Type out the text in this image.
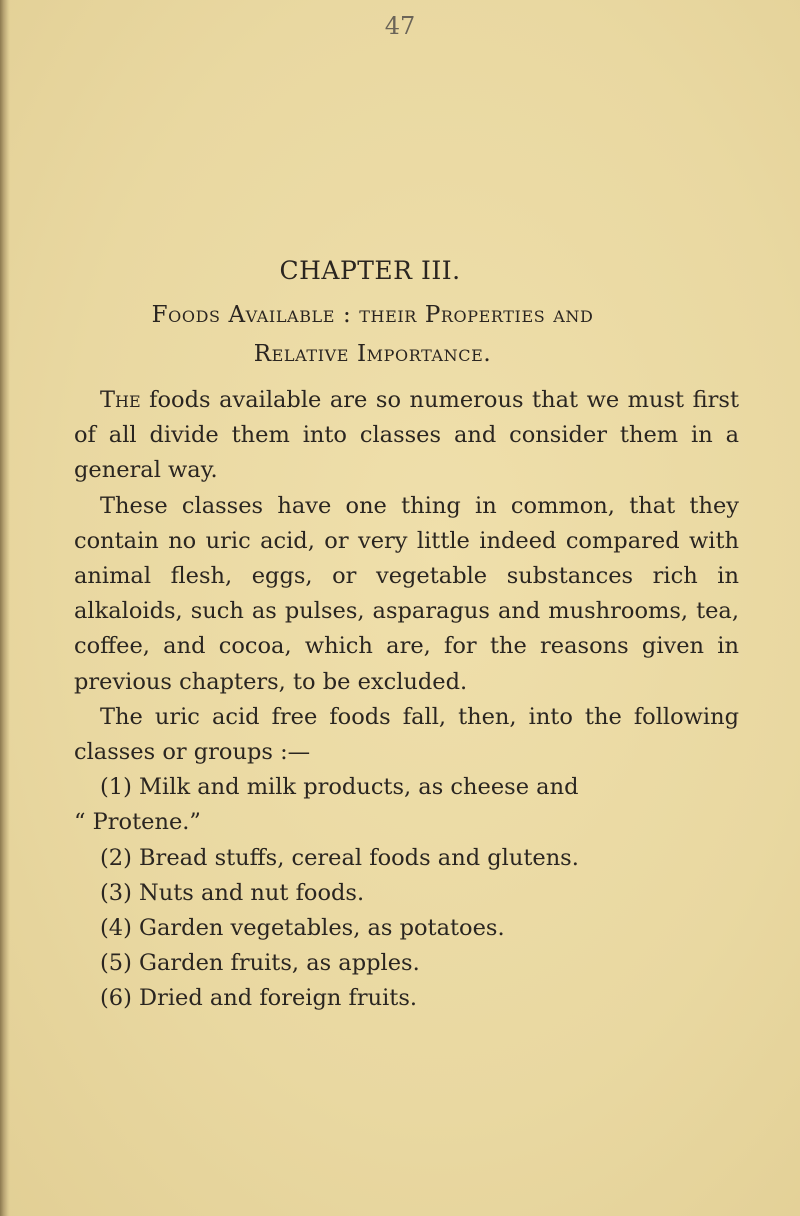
47
CHAPTER III.
Foods Available : their Properties and
Relative Importance.

The foods available are so numerous that we must first of all divide them into classes and consider them in a general way.

These classes have one thing in common, that they contain no uric acid, or very little indeed compared with animal flesh, eggs, or vegetable substances rich in alkaloids, such as pulses, asparagus and mushrooms, tea, coffee, and cocoa, which are, for the reasons given in previous chapters, to be excluded.

The uric acid free foods fall, then, into the following classes or groups :—

(1) Milk and milk products, as cheese and
“ Protene.”
(2) Bread stuffs, cereal foods and glutens.
(3) Nuts and nut foods.
(4) Garden vegetables, as potatoes.
(5) Garden fruits, as apples.
(6) Dried and foreign fruits.
